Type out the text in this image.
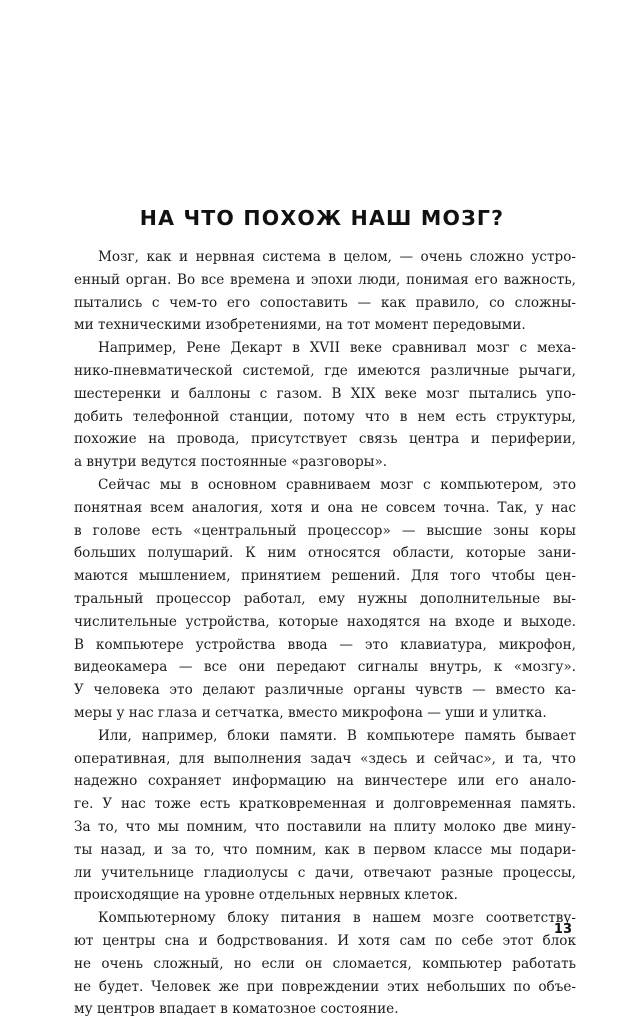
НА ЧТО ПОХОЖ НАШ МОЗГ?
Мозг, как и нервная система в целом, — очень сложно устро-
енный орган. Во все времена и эпохи люди, понимая его важность,
пытались с чем-то его сопоставить — как правило, со сложны-
ми техническими изобретениями, на тот момент передовыми.
Например, Рене Декарт в XVII веке сравнивал мозг с меха-
нико-пневматической системой, где имеются различные рычаги,
шестеренки и баллоны с газом. В XIX веке мозг пытались упо-
добить телефонной станции, потому что в нем есть структуры,
похожие на провода, присутствует связь центра и периферии,
а внутри ведутся постоянные «разговоры».
Сейчас мы в основном сравниваем мозг с компьютером, это
понятная всем аналогия, хотя и она не совсем точна. Так, у нас
в голове есть «центральный процессор» — высшие зоны коры
больших полушарий. К ним относятся области, которые зани-
маются мышлением, принятием решений. Для того чтобы цен-
тральный процессор работал, ему нужны дополнительные вы-
числительные устройства, которые находятся на входе и выходе.
В компьютере устройства ввода — это клавиатура, микрофон,
видеокамера — все они передают сигналы внутрь, к «мозгу».
У человека это делают различные органы чувств — вместо ка-
меры у нас глаза и сетчатка, вместо микрофона — уши и улитка.
Или, например, блоки памяти. В компьютере память бывает
оперативная, для выполнения задач «здесь и сейчас», и та, что
надежно сохраняет информацию на винчестере или его анало-
ге. У нас тоже есть кратковременная и долговременная память.
За то, что мы помним, что поставили на плиту молоко две мину-
ты назад, и за то, что помним, как в первом классе мы подари-
ли учительнице гладиолусы с дачи, отвечают разные процессы,
происходящие на уровне отдельных нервных клеток.
Компьютерному блоку питания в нашем мозге соответству-
ют центры сна и бодрствования. И хотя сам по себе этот блок
не очень сложный, но если он сломается, компьютер работать
не будет. Человек же при повреждении этих небольших по объе-
му центров впадает в коматозное состояние.
13
